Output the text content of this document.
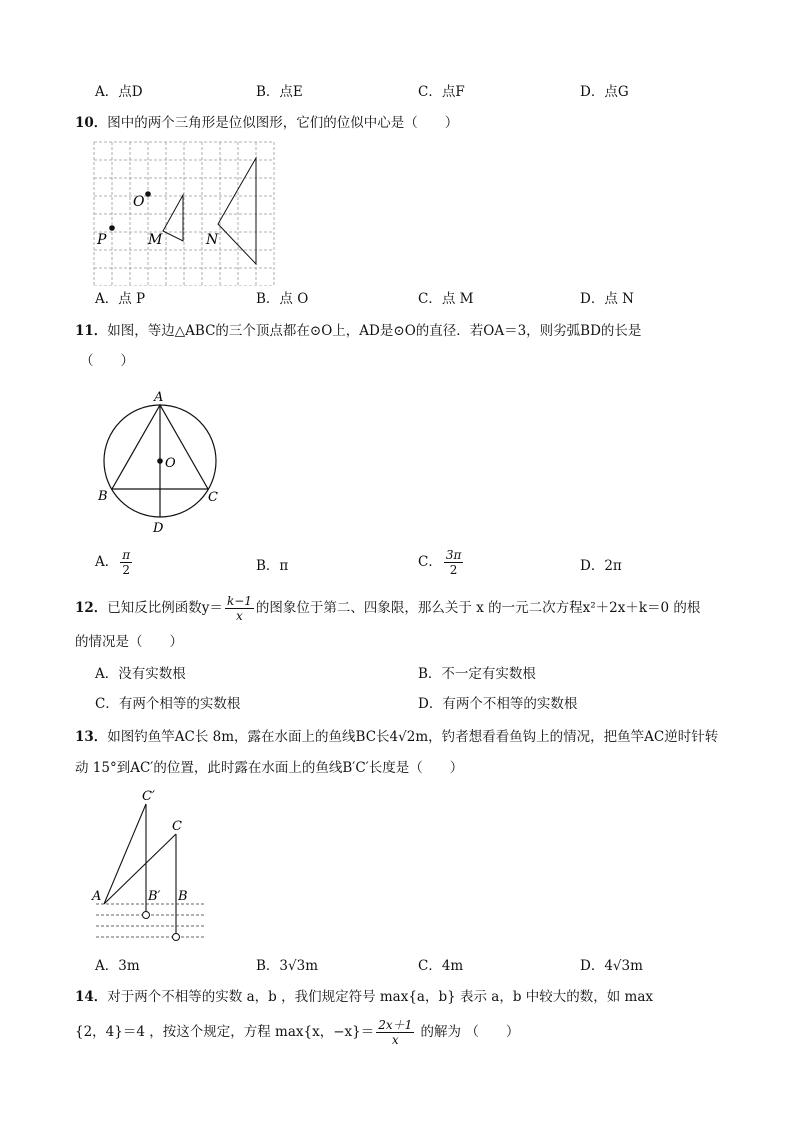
A．点D	B．点E	C．点F	D．点G
10．图中的两个三角形是位似图形，它们的位似中心是（　　）
O
P	M	N
A．点 P	B．点 O	C．点 M	D．点 N
11．如图，等边△ABC的三个顶点都在⊙O上，AD是⊙O的直径．若OA＝3，则劣弧BD的长是
（　　）
A
O
B	C
D
A． $\frac{\pi}{2}$	B．π	C． $\frac{3\pi}{2}$	D．2π
12．已知反比例函数$y= \frac{k-1}{x}$ 的图象位于第二、四象限，那么关于 x 的一元二次方程x²＋2x＋k＝0 的根
的情况是（　　）
A．没有实数根	B．不一定有实数根
C．有两个相等的实数根	D．有两个不相等的实数根
13．如图钓鱼竿AC长 8m，露在水面上的鱼线BC长4√2m，钓者想看看鱼钩上的情况，把鱼竿AC逆时针转
动 15°到AC′的位置，此时露在水面上的鱼线B′C′长度是（　　）
C′
C
A	B′ B
A．3m	B．3√3m	C．4m	D．4√3m
14．对于两个不相等的实数 a，b ，我们规定符号 max{a，b} 表示 a，b 中较大的数，如 max
{2，4}＝4 ，按这个规定，方程 max{x，$-x\}= \frac{2x+1}{x}$ 的解为 （　　）
